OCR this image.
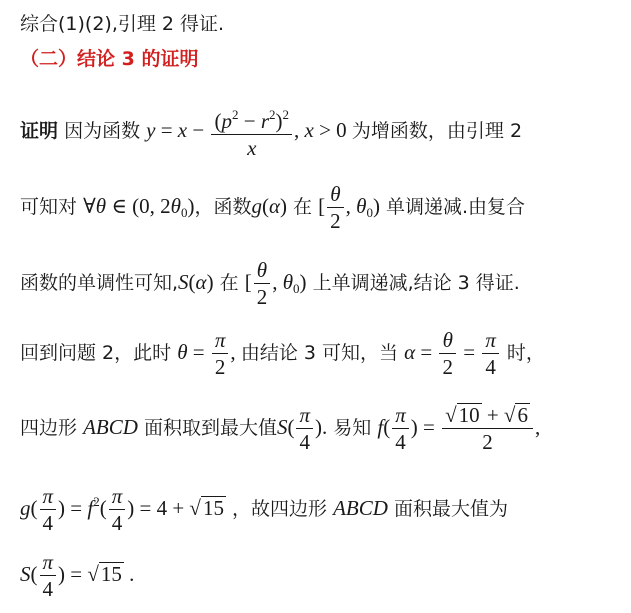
综合(1)(2),引理 2 得证.
（二）结论 3 的证明
证明 因为函数 $y = x - \frac{(p^2 - r^2)^2}{x}$ , x > 0 为增函数，由引理 2
可知对 ∀θ ∈ (0, $2\theta_0$)，函数g(α) 在 [ $\frac{\theta}{2}$ , $\theta_0$) 单调递减.由复合
函数的单调性可知,S(α) 在 [ $\frac{\theta}{2}$ , $\theta_0$) 上单调递减,结论 3 得证.
回到问题 2，此时 $\theta = \frac{\pi}{2}$ , 由结论 3 可知，当 $\alpha = \frac{\theta}{2} = \frac{\pi}{4}$ 时，
四边形 ABCD 面积取到最大值$S( \frac{\pi}{4}$ ). 易知 $f( \frac{\pi}{4}$ ) = $\frac{√10 + √6}{2}$ ,
$g( \frac{\pi}{4}$ ) = $f^2( \frac{\pi}{4}$ ) = 4 + √15 ，故四边形 ABCD 面积最大值为
$S( \frac{\pi}{4}$ ) = √15 .
